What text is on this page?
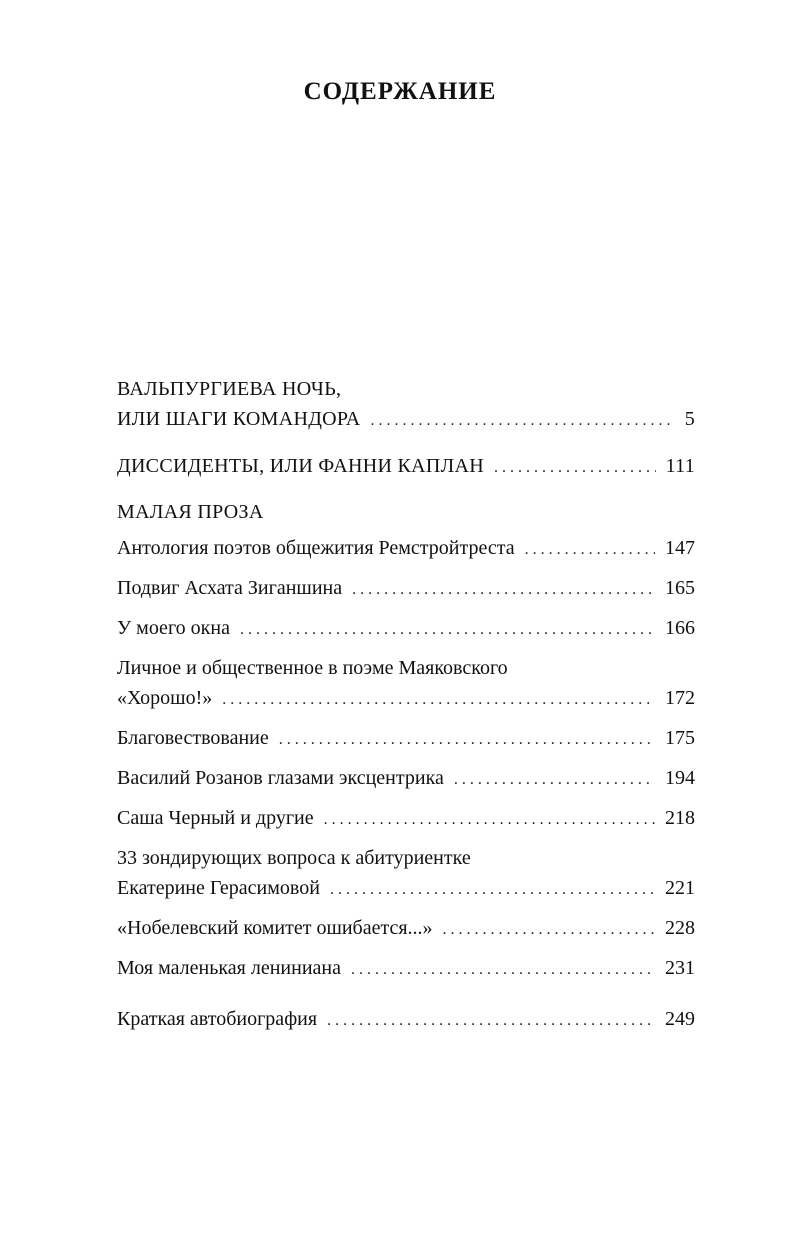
СОДЕРЖАНИЕ
ВАЛЬПУРГИЕВА НОЧЬ,
ИЛИ ШАГИ КОМАНДОРА . . .	5
ДИССИДЕНТЫ, ИЛИ ФАННИ КАПЛАН . . .	111
МАЛАЯ ПРОЗА
Антология поэтов общежития Ремстройтреста . . .	147
Подвиг Асхата Зиганшина . . .	165
У моего окна . . .	166
Личное и общественное в поэме Маяковского
«Хорошо!» . . .	172
Благовествование . . .	175
Василий Розанов глазами эксцентрика . . .	194
Саша Черный и другие . . .	218
33 зондирующих вопроса к абитуриентке
Екатерине Герасимовой . . .	221
«Нобелевский комитет ошибается...» . . .	228
Моя маленькая лениниана . . .	231
Краткая автобиография . . .	249
